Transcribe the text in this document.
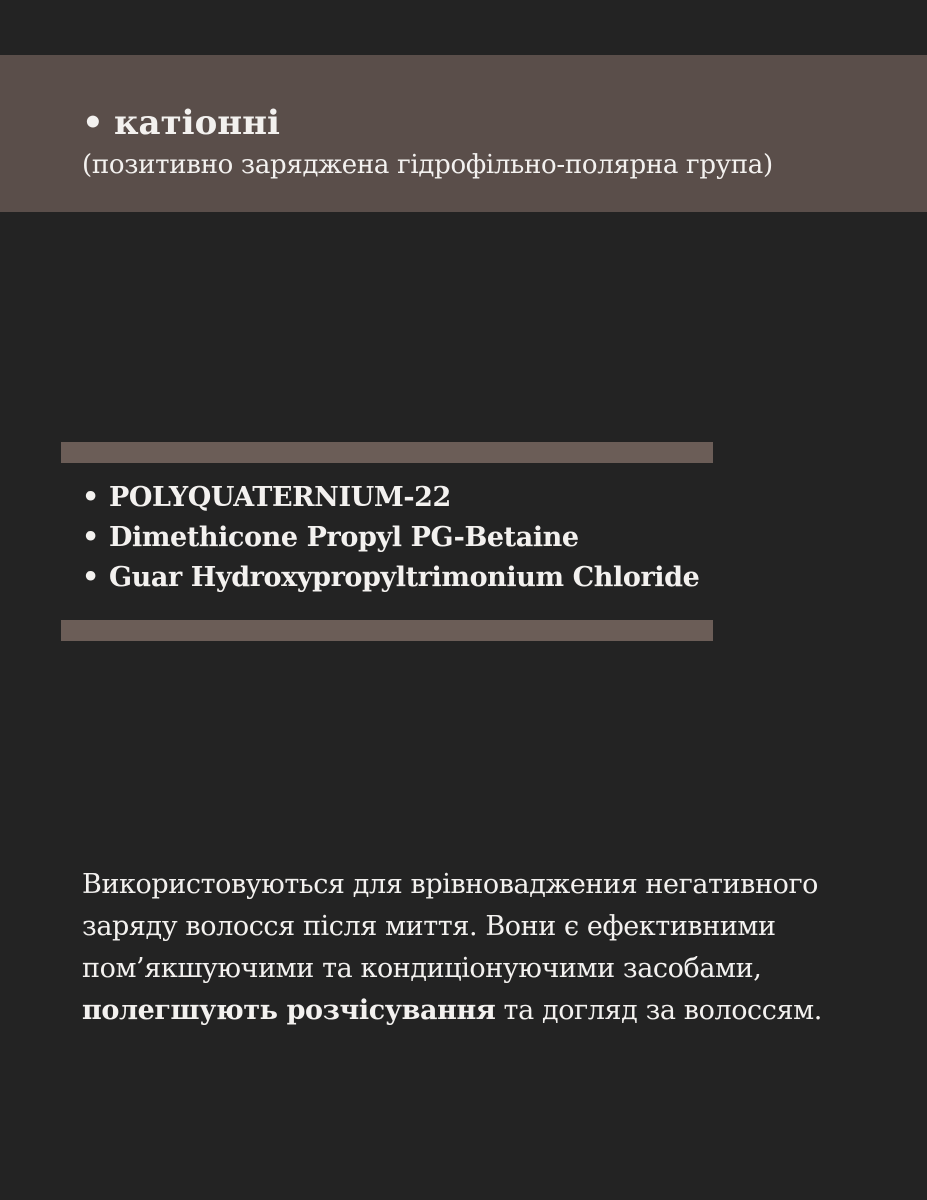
• катіонні
(позитивно заряджена гідрофільно-полярна група)
• POLYQUATERNIUM-22
• Dimethicone Propyl PG-Betaine
• Guar Hydroxypropyltrimonium Chloride
Використовуються для врівноваджения негативного
заряду волосся після миття. Вони є ефективними
пом’якшуючими та кондиціонуючими засобами,
полегшують розчісування та догляд за волоссям.
